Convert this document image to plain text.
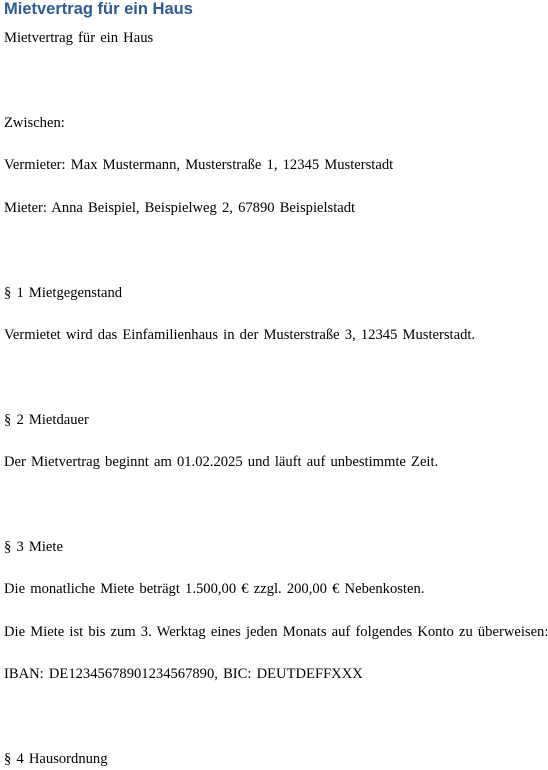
Mietvertrag für ein Haus
Mietvertrag für ein Haus
Zwischen:
Vermieter: Max Mustermann, Musterstraße 1, 12345 Musterstadt
Mieter: Anna Beispiel, Beispielweg 2, 67890 Beispielstadt
§ 1 Mietgegenstand
Vermietet wird das Einfamilienhaus in der Musterstraße 3, 12345 Musterstadt.
§ 2 Mietdauer
Der Mietvertrag beginnt am 01.02.2025 und läuft auf unbestimmte Zeit.
§ 3 Miete
Die monatliche Miete beträgt 1.500,00 € zzgl. 200,00 € Nebenkosten.
Die Miete ist bis zum 3. Werktag eines jeden Monats auf folgendes Konto zu überweisen:
IBAN: DE12345678901234567890, BIC: DEUTDEFFXXX
§ 4 Hausordnung
